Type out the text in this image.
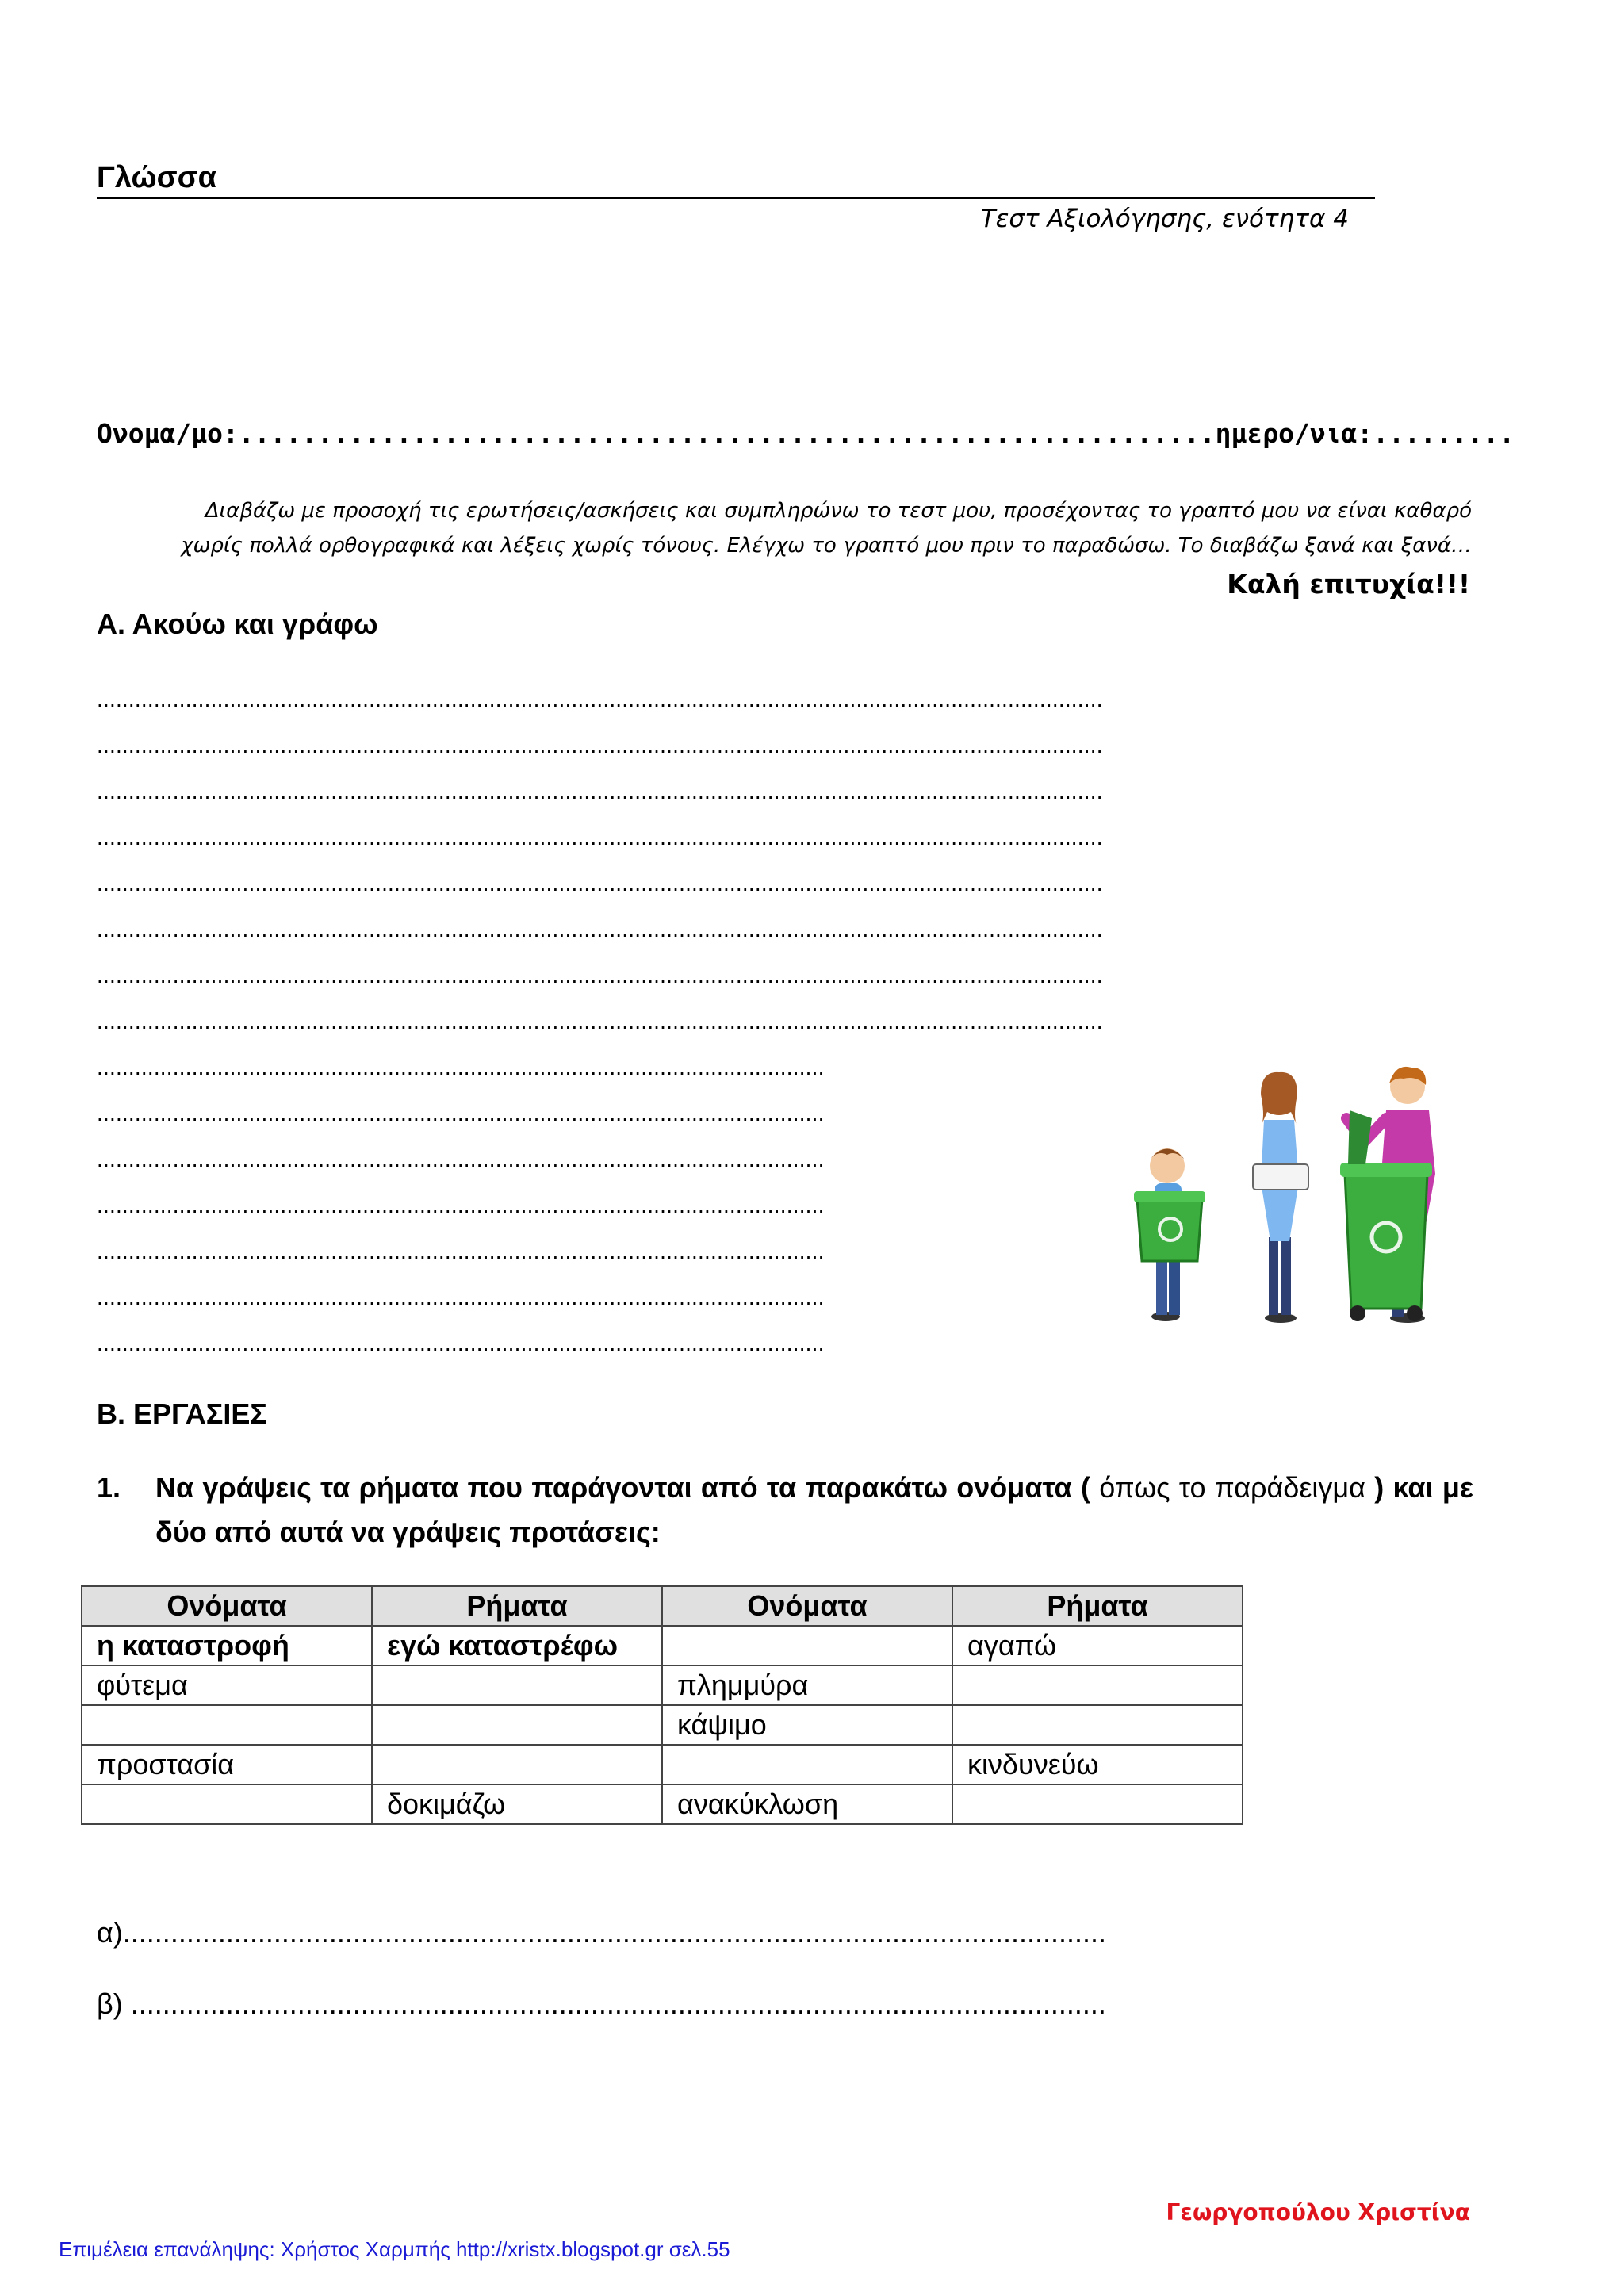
Γλώσσα
Τεστ Αξιολόγησης, ενότητα 4
Ονομα/μο:..............................................................ημερο/νια:.........
Διαβάζω με προσοχή τις ερωτήσεις/ασκήσεις και συμπληρώνω το τεστ μου, προσέχοντας το γραπτό μου να είναι καθαρό
χωρίς πολλά ορθογραφικά και λέξεις χωρίς τόνους. Ελέγχω το γραπτό μου πριν το παραδώσω. Το διαβάζω ξανά και ξανά…
Καλή επιτυχία!!!
Α. Ακούω και γράφω
...............................................................................................................................................................
...............................................................................................................................................................
...............................................................................................................................................................
...............................................................................................................................................................
...............................................................................................................................................................
...............................................................................................................................................................
...............................................................................................................................................................
...............................................................................................................................................................
...................................................................................................................
...................................................................................................................
...................................................................................................................
...................................................................................................................
...................................................................................................................
...................................................................................................................
...................................................................................................................
Β. ΕΡΓΑΣΙΕΣ
1. Να γράψεις τα ρήματα που παράγονται από τα παρακάτω ονόματα ( όπως το παράδειγμα ) και με δύο από αυτά να γράψεις προτάσεις:
Ονόματα	Ρήματα	Ονόματα	Ρήματα
η καταστροφή	εγώ καταστρέφω		αγαπώ
φύτεμα		πλημμύρα	
		κάψιμο	
προστασία			κινδυνεύω
	δοκιμάζω	ανακύκλωση	
α)............................................................................................................................
β) ...........................................................................................................................
Γεωργοπούλου Χριστίνα
Επιμέλεια επανάληψης: Χρήστος Χαρμπής http://xristx.blogspot.gr σελ.55
